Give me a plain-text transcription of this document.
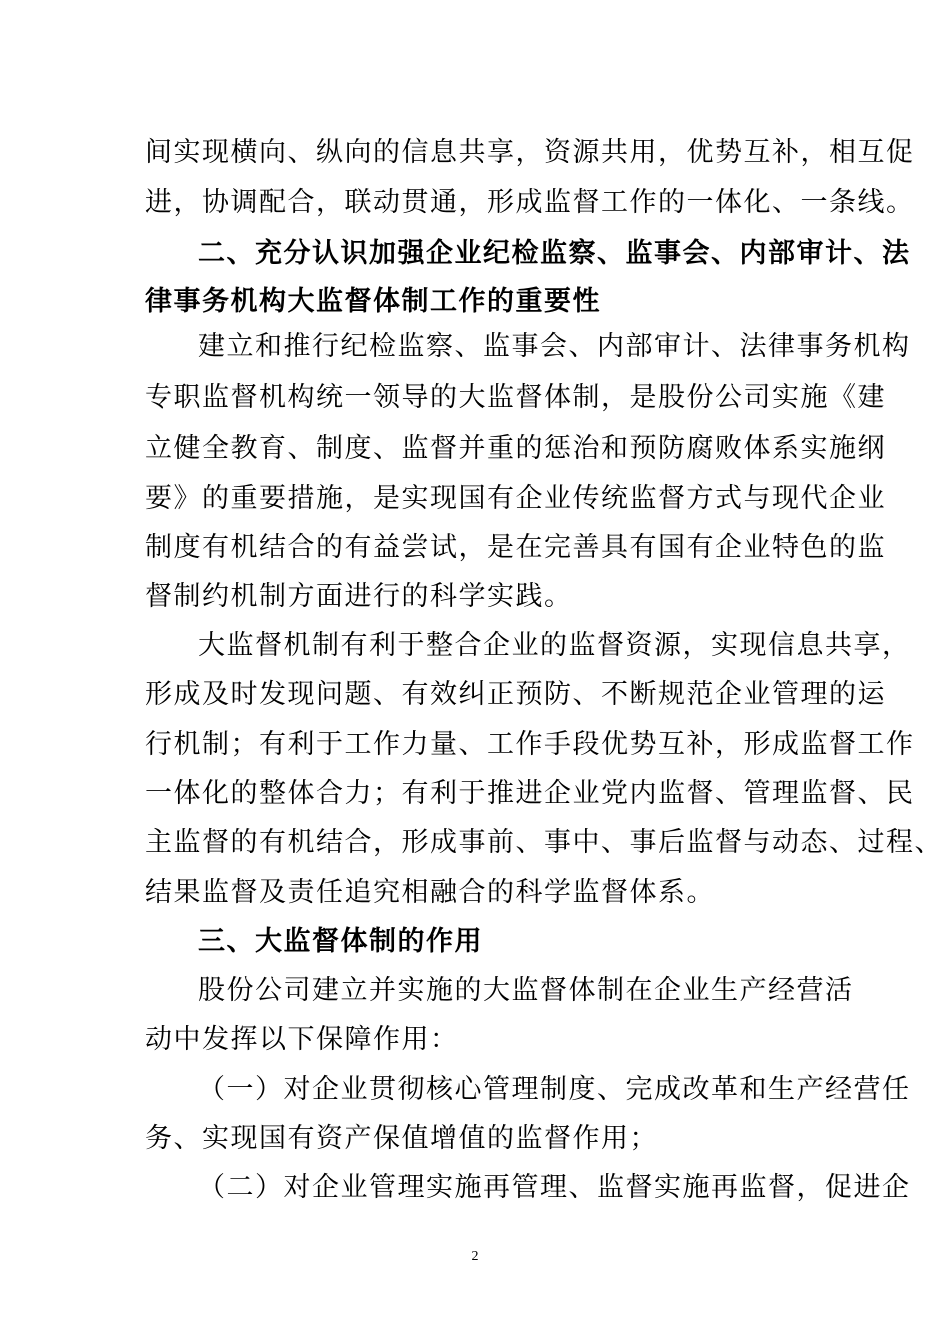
间实现横向、纵向的信息共享，资源共用，优势互补，相互促
进，协调配合，联动贯通，形成监督工作的一体化、一条线。
二、充分认识加强企业纪检监察、监事会、内部审计、法
律事务机构大监督体制工作的重要性
建立和推行纪检监察、监事会、内部审计、法律事务机构
专职监督机构统一领导的大监督体制，是股份公司实施《建
立健全教育、制度、监督并重的惩治和预防腐败体系实施纲
要》的重要措施，是实现国有企业传统监督方式与现代企业
制度有机结合的有益尝试，是在完善具有国有企业特色的监
督制约机制方面进行的科学实践。
大监督机制有利于整合企业的监督资源，实现信息共享，
形成及时发现问题、有效纠正预防、不断规范企业管理的运
行机制；有利于工作力量、工作手段优势互补，形成监督工作
一体化的整体合力；有利于推进企业党内监督、管理监督、民
主监督的有机结合，形成事前、事中、事后监督与动态、过程、
结果监督及责任追究相融合的科学监督体系。
三、大监督体制的作用
股份公司建立并实施的大监督体制在企业生产经营活
动中发挥以下保障作用：
（一）对企业贯彻核心管理制度、完成改革和生产经营任
务、实现国有资产保值增值的监督作用；
（二）对企业管理实施再管理、监督实施再监督，促进企
2
